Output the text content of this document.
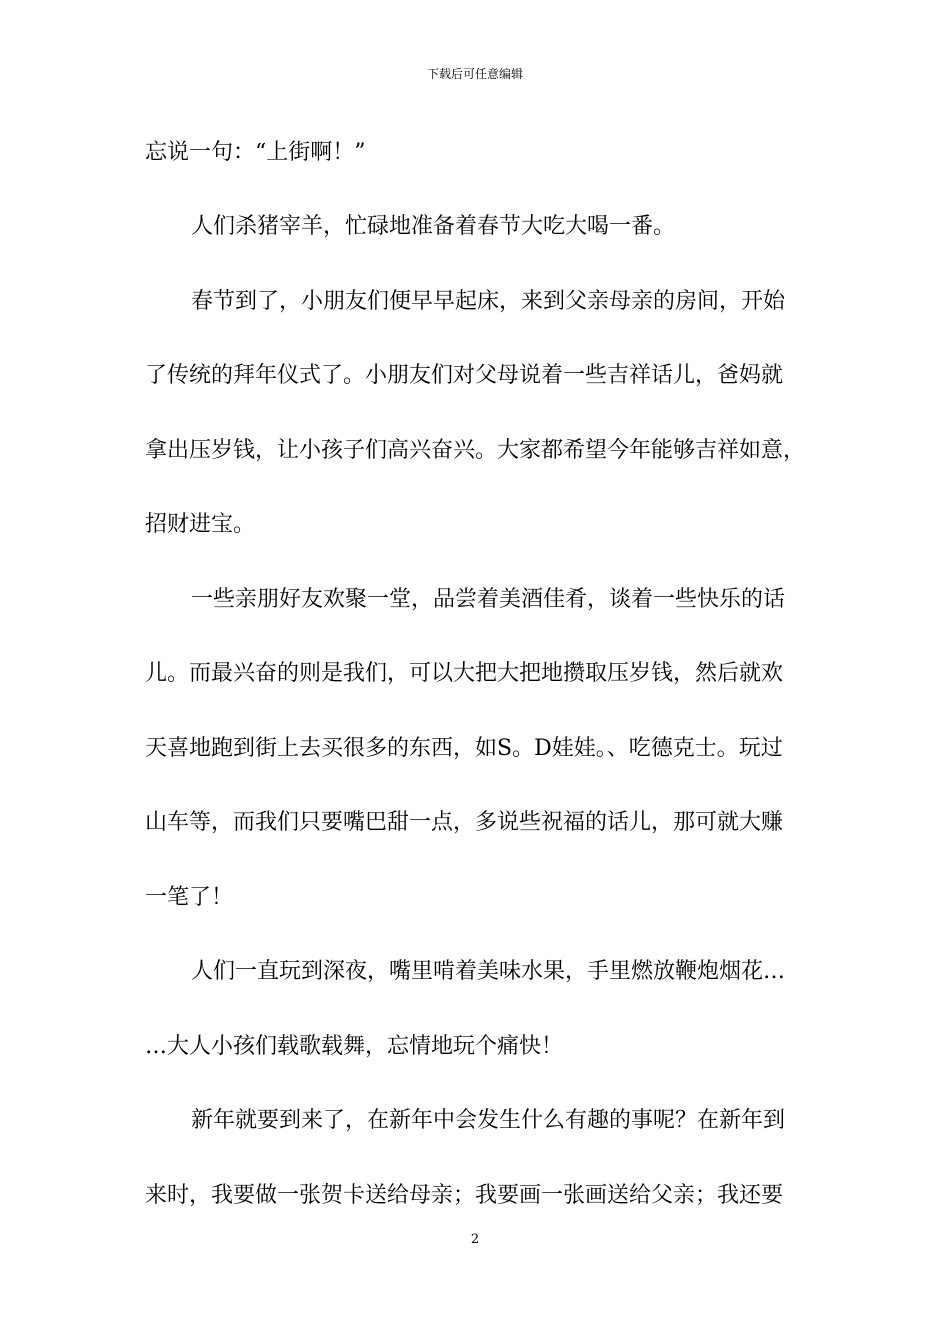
下载后可任意编辑
忘说一句：“上街啊！”
人们杀猪宰羊，忙碌地准备着春节大吃大喝一番。
春节到了，小朋友们便早早起床，来到父亲母亲的房间，开始
了传统的拜年仪式了。小朋友们对父母说着一些吉祥话儿，爸妈就
拿出压岁钱，让小孩子们高兴奋兴。大家都希望今年能够吉祥如意，
招财进宝。
一些亲朋好友欢聚一堂，品尝着美酒佳肴，谈着一些快乐的话
儿。而最兴奋的则是我们，可以大把大把地攒取压岁钱，然后就欢
天喜地跑到街上去买很多的东西，如S。D娃娃。、吃德克士。玩过
山车等，而我们只要嘴巴甜一点，多说些祝福的话儿，那可就大赚
一笔了！
人们一直玩到深夜，嘴里啃着美味水果，手里燃放鞭炮烟花…
…大人小孩们载歌载舞，忘情地玩个痛快！
新年就要到来了，在新年中会发生什么有趣的事呢？在新年到
来时，我要做一张贺卡送给母亲；我要画一张画送给父亲；我还要
2
